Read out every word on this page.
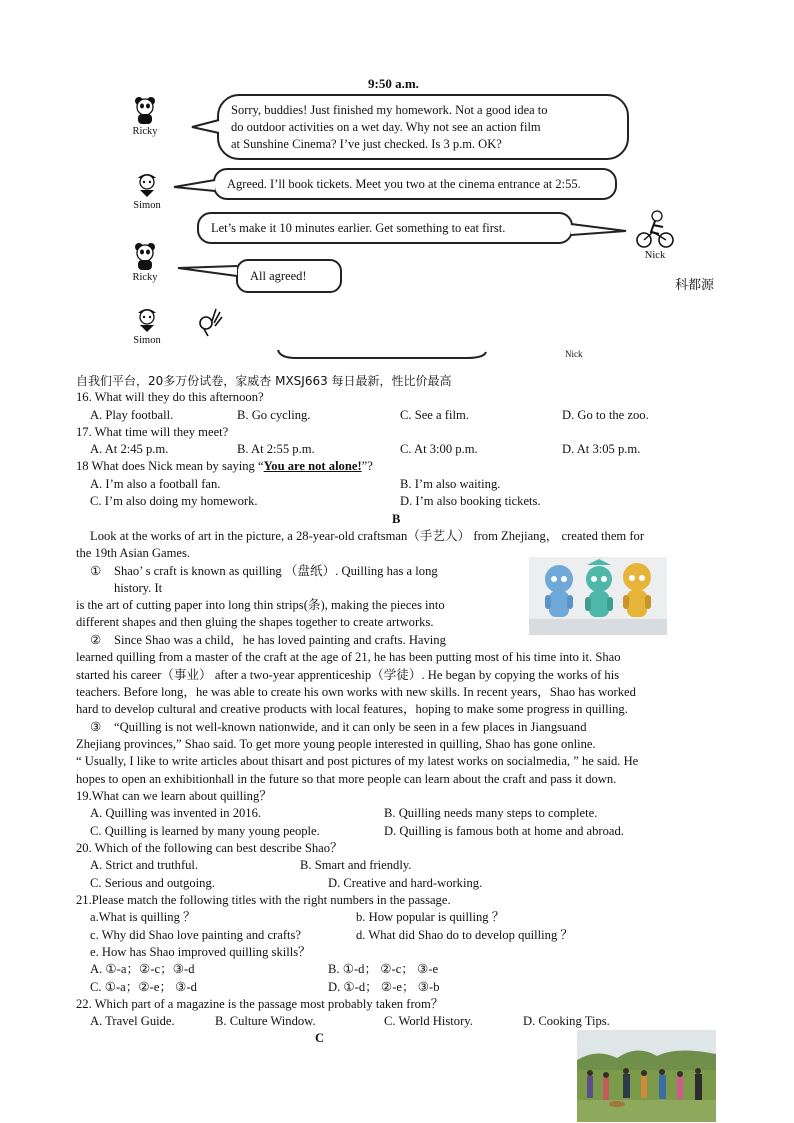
9:50 a.m.
Ricky
Sorry, buddies! Just finished my homework. Not a good idea to
do outdoor activities on a wet day. Why not see an action film
at Sunshine Cinema? I’ve just checked. Is 3 p.m. OK?
Simon
Agreed. I’ll book tickets. Meet you two at the cinema entrance at 2:55.
Let’s make it 10 minutes earlier. Get something to eat first.
Nick
Ricky	All agreed!
Simon
Nick
科都源
自我们平台，20多万份试卷，家威杏 MXSJ663 每日最新，性比价最高
16. What will they do this afternoon?
A. Play football.	B. Go cycling.	C. See a film.	D. Go to the zoo.
17. What time will they meet?
A. At 2:45 p.m.	B. At 2:55 p.m.	C. At 3:00 p.m.	D. At 3:05 p.m.
18 What does Nick mean by saying “You are not alone!”?
A. I’m also a football fan.	B. I’m also waiting.
C. I’m also doing my homework.	D. I’m also booking tickets.
B
Look at the works of art in the picture, a 28-year-old craftsman（手艺人） from Zhejiang， created them for
the 19th Asian Games.
① Shao’ s craft is known as quilling （盘纸）. Quilling has a long
history. It
is the art of cutting paper into long thin strips(条), making the pieces into
different shapes and then gluing the shapes together to create artworks.
② Since Shao was a child，he has loved painting and crafts. Having
learned quilling from a master of the craft at the age of 21, he has been putting most of his time into it. Shao
started his career（事业） after a two-year apprenticeship（学徒）. He began by copying the works of his
teachers. Before long，he was able to create his own works with new skills. In recent years，Shao has worked
hard to develop cultural and creative products with local features，hoping to make some progress in quilling.
③ “Quilling is not well-known nationwide, and it can only be seen in a few places in Jiangsuand
Zhejiang provinces,” Shao said. To get more young people interested in quilling, Shao has gone online.
“ Usually, I like to write articles about thisart and post pictures of my latest works on socialmedia, ” he said. He
hopes to open an exhibitionhall in the future so that more people can learn about the craft and pass it down.
19.What can we learn about quilling？
A. Quilling was invented in 2016.	B. Quilling needs many steps to complete.
C. Quilling is learned by many young people.	D. Quilling is famous both at home and abroad.
20. Which of the following can best describe Shao？
A. Strict and truthful.	B. Smart and friendly.
C. Serious and outgoing.	D. Creative and hard-working.
21.Please match the following titles with the right numbers in the passage.
a.What is quilling ？	b. How popular is quilling ？
c. Why did Shao love painting and crafts?	d. What did Shao do to develop quilling ？
e. How has Shao improved quilling skills？
A. ①-a；②-c；③-d	B. ①-d； ②-c； ③-e
C. ①-a；②-e； ③-d	D. ①-d； ②-e； ③-b
22. Which part of a magazine is the passage most probably taken from？
A. Travel Guide.	B. Culture Window.	C. World History.	D. Cooking Tips.
C
